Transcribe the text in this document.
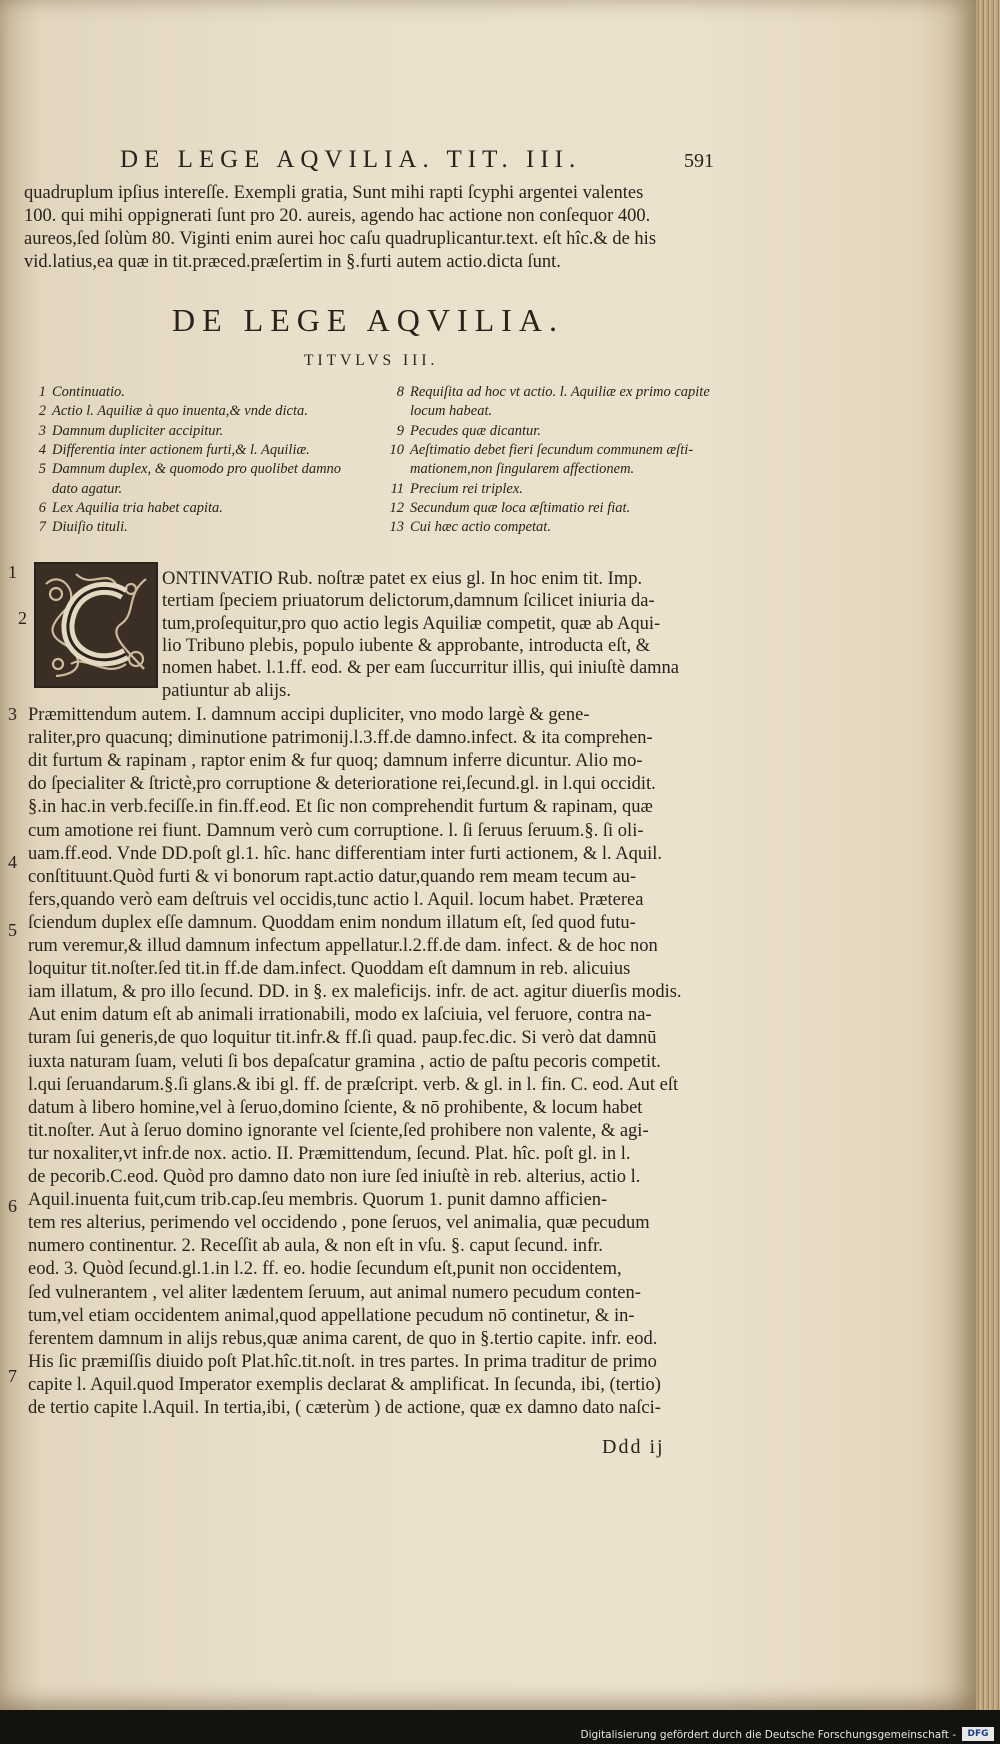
DE LEGE AQVILIA. TIT. III.	591
quadruplum ipſius intereſſe. Exempli gratia, Sunt mihi rapti ſcyphi argentei valentes
100. qui mihi oppignerati ſunt pro 20. aureis, agendo hac actione non conſequor 400.
aureos,ſed ſolùm 80. Viginti enim aurei hoc caſu quadruplicantur.text. eſt hîc.& de his
vid.latius,ea quæ in tit.præced.præſertim in §.furti autem actio.dicta ſunt.
DE LEGE AQVILIA.
TITVLVS III.
1 Continuatio.
2 Actio l. Aquiliæ à quo inuenta,& vnde dicta.
3 Damnum dupliciter accipitur.
4 Differentia inter actionem furti,& l. Aquiliæ.
5 Damnum duplex, & quomodo pro quolibet damno
dato agatur.
6 Lex Aquilia tria habet capita.
7 Diuiſio tituli.
8 Requiſita ad hoc vt actio. l. Aquiliæ ex primo capite
locum habeat.
9 Pecudes quæ dicantur.
10 Aeſtimatio debet fieri ſecundum communem æſti-
mationem,non ſingularem affectionem.
11 Precium rei triplex.
12 Secundum quæ loca æſtimatio rei fiat.
13 Cui hæc actio competat.
ONTINVATIO Rub. noſtræ patet ex eius gl. In hoc enim tit. Imp.
tertiam ſpeciem priuatorum delictorum,damnum ſcilicet iniuria da-
tum,proſequitur,pro quo actio legis Aquiliæ competit, quæ ab Aqui-
lio Tribuno plebis, populo iubente & approbante, introducta eſt, &
nomen habet. l.1.ff. eod. & per eam ſuccurritur illis, qui iniuſtè damna
patiuntur ab alijs.
Præmittendum autem. I. damnum accipi dupliciter, vno modo largè & gene-
raliter,pro quacunq; diminutione patrimonij.l.3.ff.de damno.infect. & ita comprehen-
dit furtum & rapinam , raptor enim & fur quoq; damnum inferre dicuntur. Alio mo-
do ſpecialiter & ſtrictè,pro corruptione & deterioratione rei,ſecund.gl. in l.qui occidit.
§.in hac.in verb.feciſſe.in fin.ff.eod. Et ſic non comprehendit furtum & rapinam, quæ
cum amotione rei fiunt. Damnum verò cum corruptione. l. ſi ſeruus ſeruum.§. ſi oli-
uam.ff.eod. Vnde DD.poſt gl.1. hîc. hanc differentiam inter furti actionem, & l. Aquil.
conſtituunt.Quòd furti & vi bonorum rapt.actio datur,quando rem meam tecum au-
fers,quando verò eam deſtruis vel occidis,tunc actio l. Aquil. locum habet. Præterea
ſciendum duplex eſſe damnum. Quoddam enim nondum illatum eſt, ſed quod futu-
rum veremur,& illud damnum infectum appellatur.l.2.ff.de dam. infect. & de hoc non
loquitur tit.noſter.ſed tit.in ff.de dam.infect. Quoddam eſt damnum in reb. alicuius
iam illatum, & pro illo ſecund. DD. in §. ex maleficijs. infr. de act. agitur diuerſis modis.
Aut enim datum eſt ab animali irrationabili, modo ex laſciuia, vel feruore, contra na-
turam ſui generis,de quo loquitur tit.infr.& ff.ſi quad. paup.fec.dic. Si verò dat damnū
iuxta naturam ſuam, veluti ſi bos depaſcatur gramina , actio de paſtu pecoris competit.
l.qui ſeruandarum.§.ſi glans.& ibi gl. ff. de præſcript. verb. & gl. in l. fin. C. eod. Aut eſt
datum à libero homine,vel à ſeruo,domino ſciente, & nō prohibente, & locum habet
tit.noſter. Aut à ſeruo domino ignorante vel ſciente,ſed prohibere non valente, & agi-
tur noxaliter,vt infr.de nox. actio. II. Præmittendum, ſecund. Plat. hîc. poſt gl. in l.
de pecorib.C.eod. Quòd pro damno dato non iure ſed iniuſtè in reb. alterius, actio l.
Aquil.inuenta fuit,cum trib.cap.ſeu membris. Quorum 1. punit damno afficien-
tem res alterius, perimendo vel occidendo , pone ſeruos, vel animalia, quæ pecudum
numero continentur. 2. Receſſit ab aula, & non eſt in vſu. §. caput ſecund. infr.
eod. 3. Quòd ſecund.gl.1.in l.2. ff. eo. hodie ſecundum eſt,punit non occidentem,
ſed vulnerantem , vel aliter lædentem ſeruum, aut animal numero pecudum conten-
tum,vel etiam occidentem animal,quod appellatione pecudum nō continetur, & in-
ferentem damnum in alijs rebus,quæ anima carent, de quo in §.tertio capite. infr. eod.
His ſic præmiſſis diuido poſt Plat.hîc.tit.noſt. in tres partes. In prima traditur de primo
capite l. Aquil.quod Imperator exemplis declarat & amplificat. In ſecunda, ibi, (tertio)
de tertio capite l.Aquil. In tertia,ibi, ( cæterùm ) de actione, quæ ex damno dato naſci-
1
2
3
4
5
6
7
Ddd ij
Digitalisierung gefördert durch die Deutsche Forschungsgemeinschaft -	DFG
